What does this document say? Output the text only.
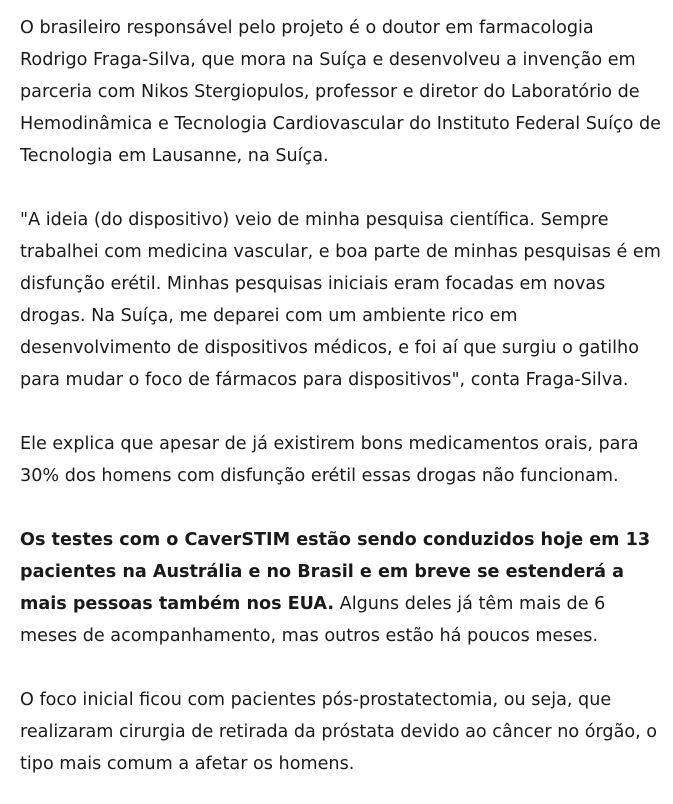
O brasileiro responsável pelo projeto é o doutor em farmacologia Rodrigo Fraga-Silva, que mora na Suíça e desenvolveu a invenção em parceria com Nikos Stergiopulos, professor e diretor do Laboratório de Hemodinâmica e Tecnologia Cardiovascular do Instituto Federal Suíço de Tecnologia em Lausanne, na Suíça.

"A ideia (do dispositivo) veio de minha pesquisa científica. Sempre trabalhei com medicina vascular, e boa parte de minhas pesquisas é em disfunção erétil. Minhas pesquisas iniciais eram focadas em novas drogas. Na Suíça, me deparei com um ambiente rico em desenvolvimento de dispositivos médicos, e foi aí que surgiu o gatilho para mudar o foco de fármacos para dispositivos", conta Fraga-Silva.

Ele explica que apesar de já existirem bons medicamentos orais, para 30% dos homens com disfunção erétil essas drogas não funcionam.

Os testes com o CaverSTIM estão sendo conduzidos hoje em 13 pacientes na Austrália e no Brasil e em breve se estenderá a mais pessoas também nos EUA. Alguns deles já têm mais de 6 meses de acompanhamento, mas outros estão há poucos meses.

O foco inicial ficou com pacientes pós-prostatectomia, ou seja, que realizaram cirurgia de retirada da próstata devido ao câncer no órgão, o tipo mais comum a afetar os homens.
